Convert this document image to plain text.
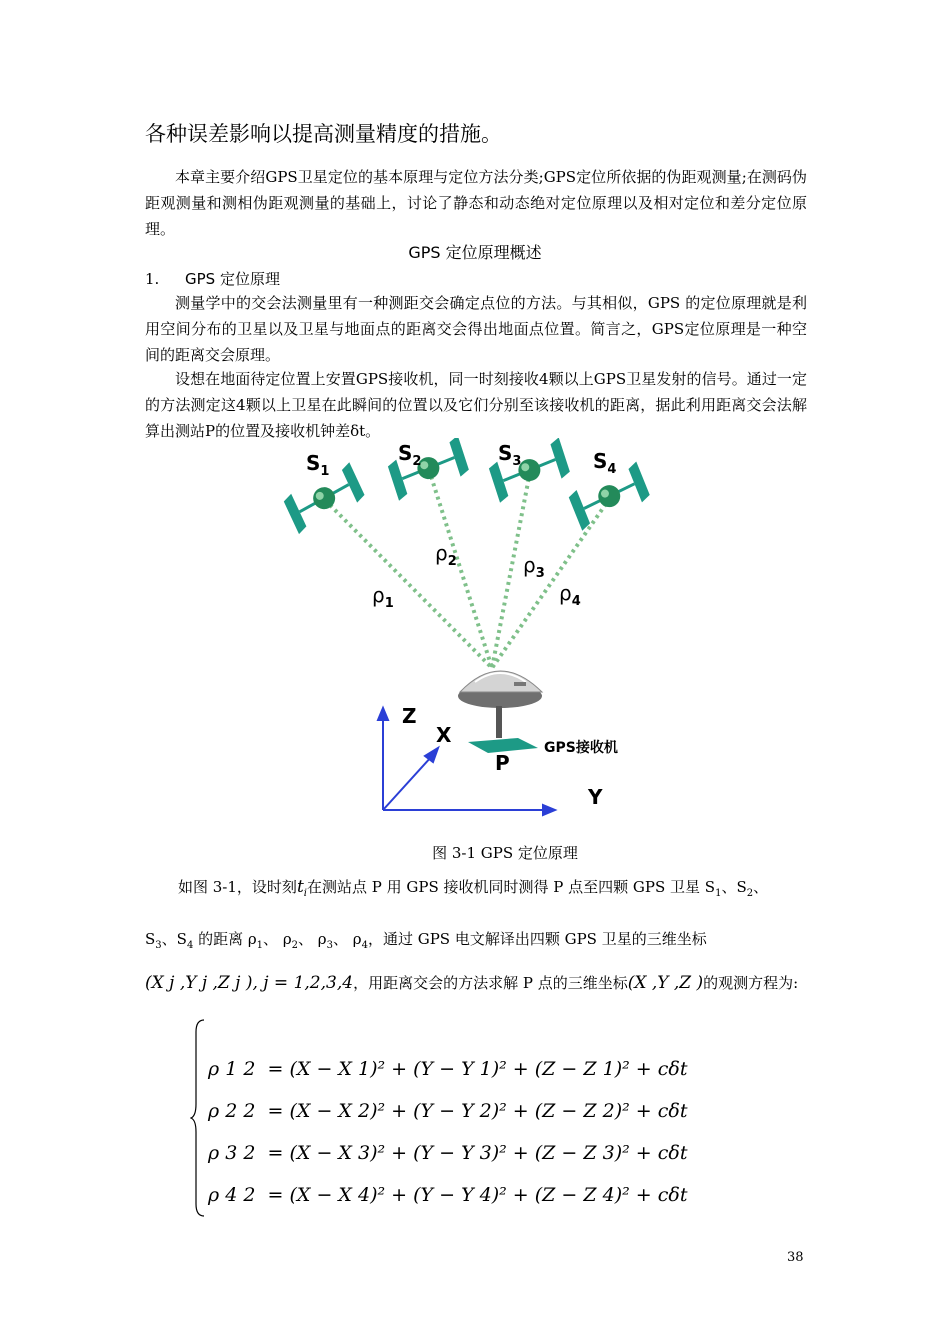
各种误差影响以提高测量精度的措施。
本章主要介绍GPS卫星定位的基本原理与定位方法分类;GPS定位所依据的伪距观测量;在测码伪距观测量和测相伪距观测量的基础上，讨论了静态和动态绝对定位原理以及相对定位和差分定位原理。
GPS 定位原理概述
1. GPS 定位原理
测量学中的交会法测量里有一种测距交会确定点位的方法。与其相似，GPS 的定位原理就是利用空间分布的卫星以及卫星与地面点的距离交会得出地面点位置。简言之，GPS定位原理是一种空间的距离交会原理。
设想在地面待定位置上安置GPS接收机，同一时刻接收4颗以上GPS卫星发射的信号。通过一定的方法测定这4颗以上卫星在此瞬间的位置以及它们分别至该接收机的距离，据此利用距离交会法解算出测站P的位置及接收机钟差δt。
$S_1$
$S_2$	$S_3$	$S_4$
$\rho_2$	$\rho_3$
$\rho_1$	$\rho_4$
Z
X
Y
P
GPS接收机
图 3-1 GPS 定位原理
如图 3-1，设时刻$t_i$在测站点 P 用 GPS 接收机同时测得 P 点至四颗 GPS 卫星 $S_1$、$S_2$、
$S_3$、$S_4$ 的距离 $\rho_1$、 $\rho_2$、 $\rho_3$、 $\rho_4$，通过 GPS 电文解译出四颗 GPS 卫星的三维坐标
(X j ,Y j ,Z j ), j = 1,2,3,4，用距离交会的方法求解 P 点的三维坐标(X ,Y ,Z )的观测方程为:
ρ 1 2 = (X − X 1)² + (Y − Y 1)² + (Z − Z 1)² + cδt
ρ 2 2 = (X − X 2)² + (Y − Y 2)² + (Z − Z 2)² + cδt
ρ 3 2 = (X − X 3)² + (Y − Y 3)² + (Z − Z 3)² + cδt
ρ 4 2 = (X − X 4)² + (Y − Y 4)² + (Z − Z 4)² + cδt
38
